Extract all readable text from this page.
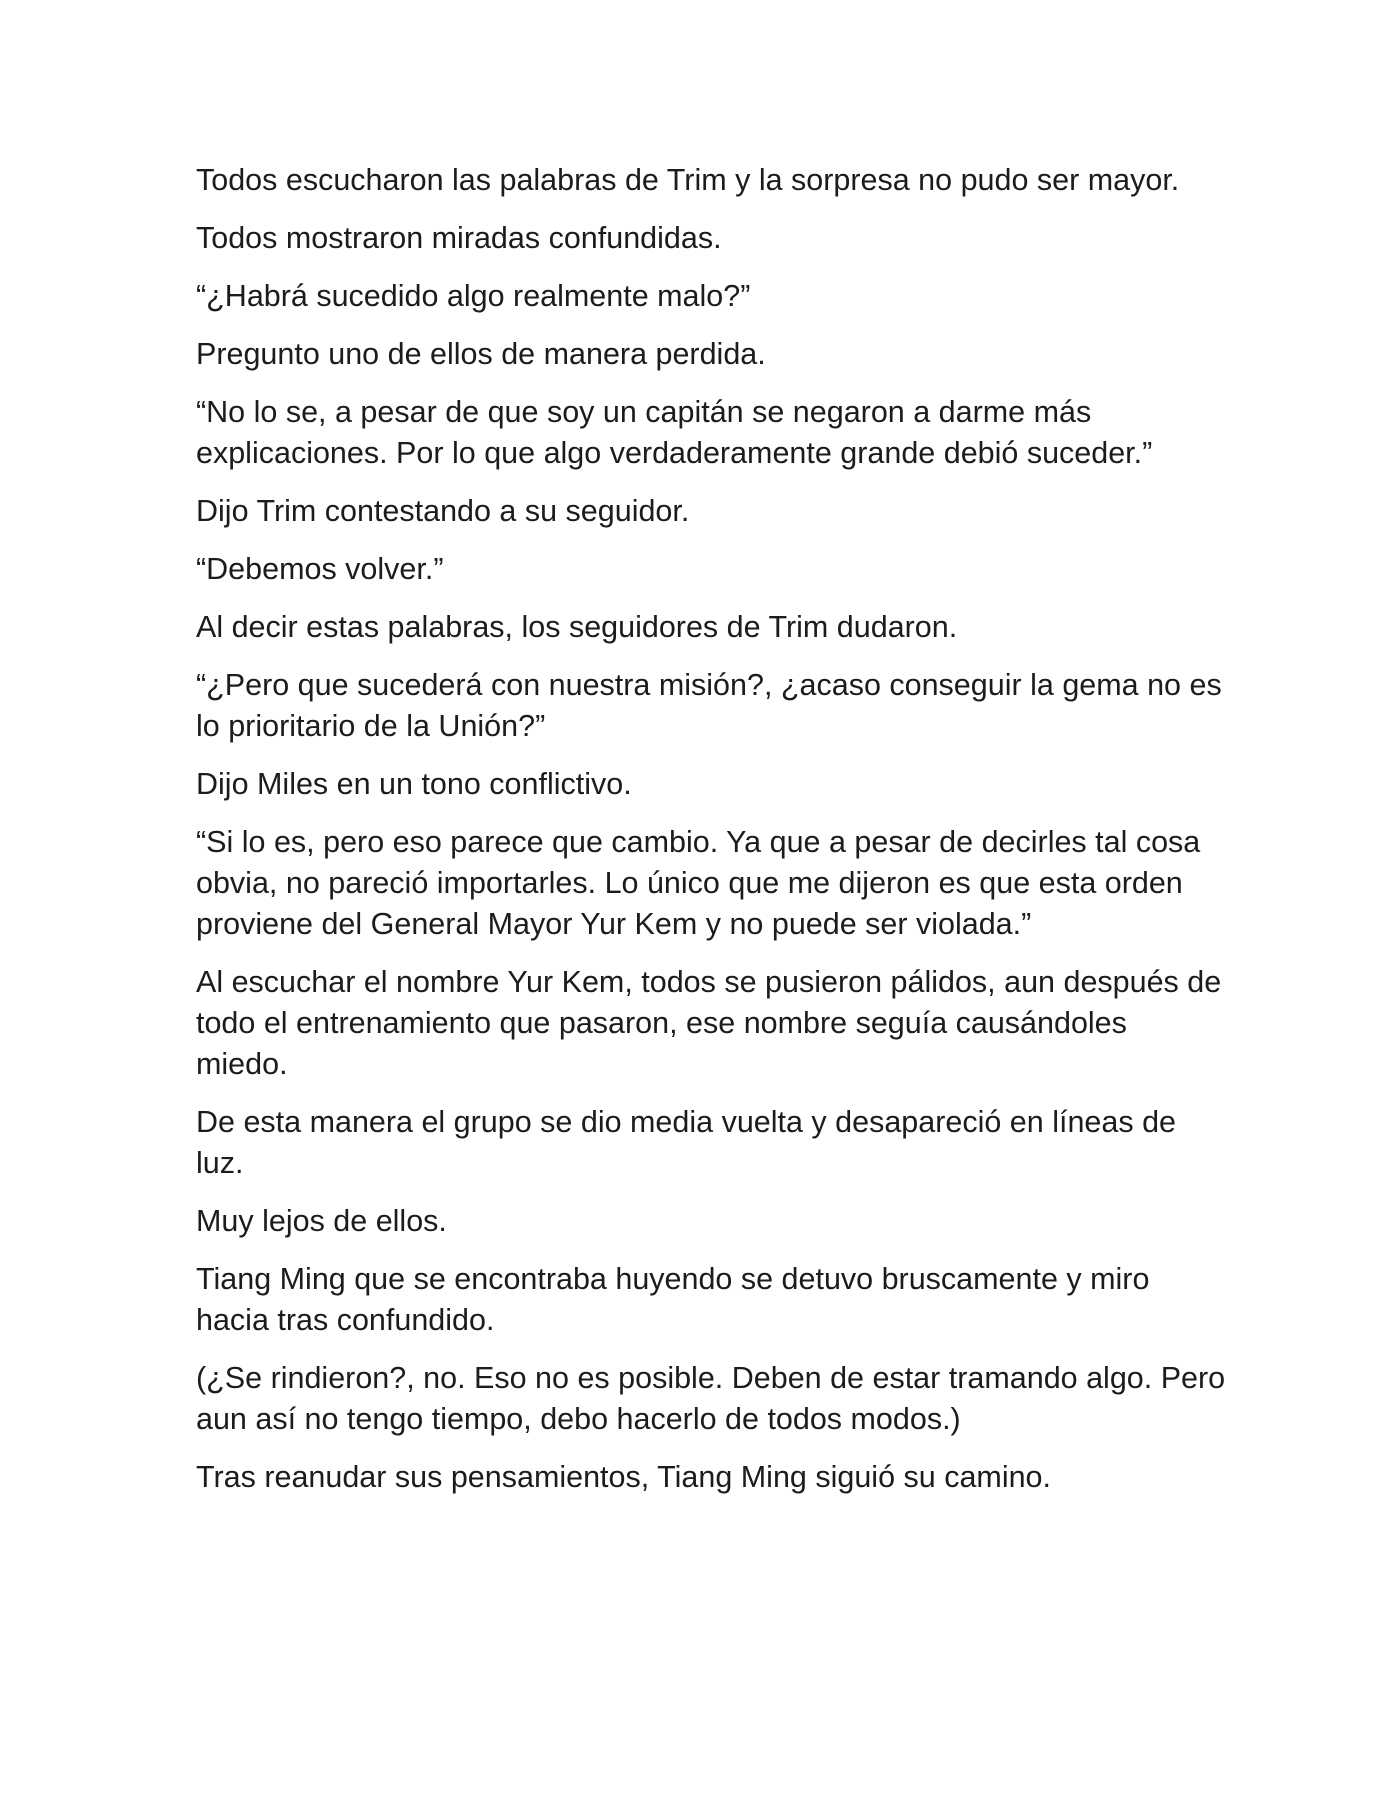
Todos escucharon las palabras de Trim y la sorpresa no pudo ser mayor.

Todos mostraron miradas confundidas.

“¿Habrá sucedido algo realmente malo?”

Pregunto uno de ellos de manera perdida.

“No lo se, a pesar de que soy un capitán se negaron a darme más explicaciones. Por lo que algo verdaderamente grande debió suceder.”

Dijo Trim contestando a su seguidor.

“Debemos volver.”

Al decir estas palabras, los seguidores de Trim dudaron.

“¿Pero que sucederá con nuestra misión?, ¿acaso conseguir la gema no es lo prioritario de la Unión?”

Dijo Miles en un tono conflictivo.

“Si lo es, pero eso parece que cambio. Ya que a pesar de decirles tal cosa obvia, no pareció importarles. Lo único que me dijeron es que esta orden proviene del General Mayor Yur Kem y no puede ser violada.”

Al escuchar el nombre Yur Kem, todos se pusieron pálidos, aun después de todo el entrenamiento que pasaron, ese nombre seguía causándoles miedo.

De esta manera el grupo se dio media vuelta y desapareció en líneas de luz.

Muy lejos de ellos.

Tiang Ming que se encontraba huyendo se detuvo bruscamente y miro hacia tras confundido.

(¿Se rindieron?, no. Eso no es posible. Deben de estar tramando algo. Pero aun así no tengo tiempo, debo hacerlo de todos modos.)

Tras reanudar sus pensamientos, Tiang Ming siguió su camino.
